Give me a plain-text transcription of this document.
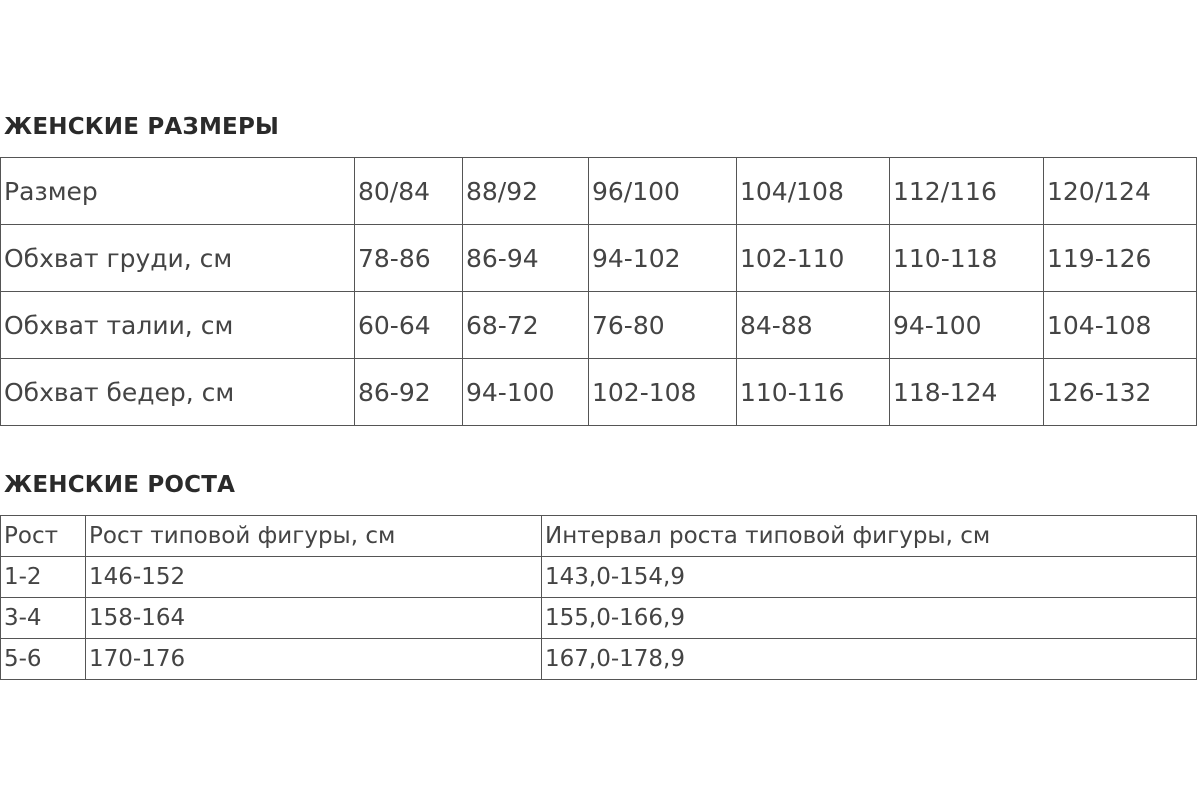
ЖЕНСКИЕ РАЗМЕРЫ
Размер	80/84	88/92	96/100	104/108	112/116	120/124
Обхват груди, см	78-86	86-94	94-102	102-110	110-118	119-126
Обхват талии, см	60-64	68-72	76-80	84-88	94-100	104-108
Обхват бедер, см	86-92	94-100	102-108	110-116	118-124	126-132
ЖЕНСКИЕ РОСТА
Рост	Рост типовой фигуры, см	Интервал роста типовой фигуры, см
1-2	146-152	143,0-154,9
3-4	158-164	155,0-166,9
5-6	170-176	167,0-178,9
